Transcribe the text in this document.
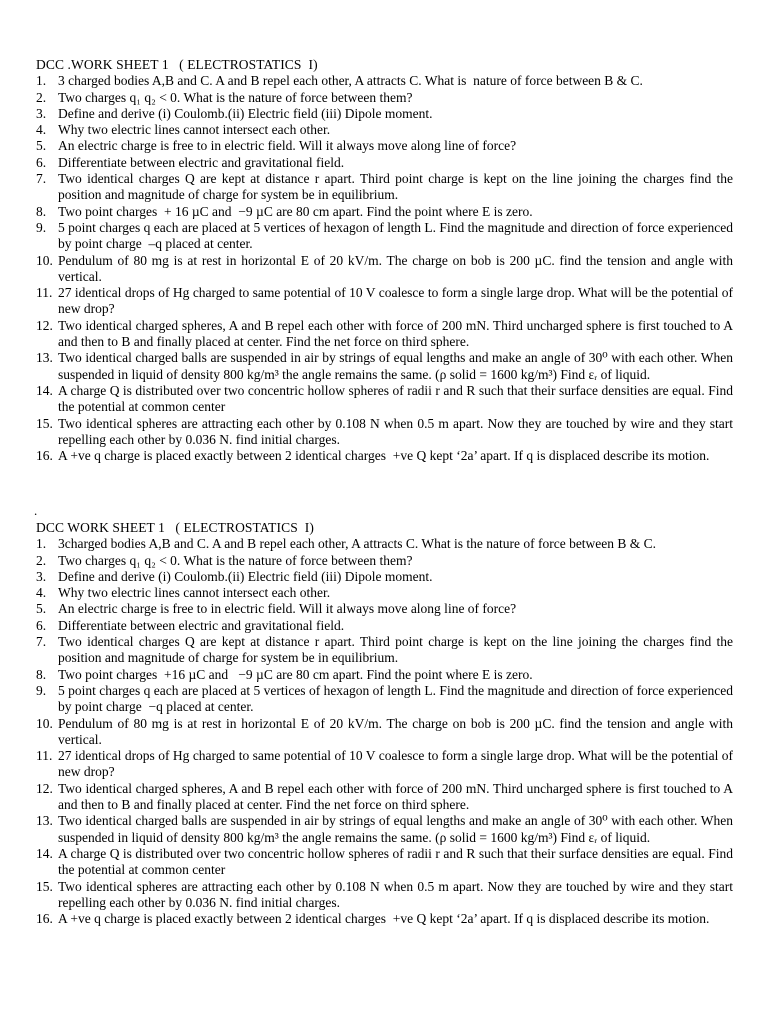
DCC .WORK SHEET 1   ( ELECTROSTATICS  I)
1. 3 charged bodies A,B and C. A and B repel each other, A attracts C. What is  nature of force between B & C.
2. Two charges q₁ q₂ < 0. What is the nature of force between them?
3. Define and derive (i) Coulomb.(ii) Electric field (iii) Dipole moment.
4. Why two electric lines cannot intersect each other.
5. An electric charge is free to in electric field. Will it always move along line of force?
6. Differentiate between electric and gravitational field.
7. Two identical charges Q are kept at distance r apart. Third point charge is kept on the line joining the charges find the position and magnitude of charge for system be in equilibrium.
8. Two point charges  + 16 µC and  −9 µC are 80 cm apart. Find the point where E is zero.
9. 5 point charges q each are placed at 5 vertices of hexagon of length L. Find the magnitude and direction of force experienced by point charge  –q placed at center.
10. Pendulum of 80 mg is at rest in horizontal E of 20 kV/m. The charge on bob is 200 µC. find the tension and angle with vertical.
11. 27 identical drops of Hg charged to same potential of 10 V coalesce to form a single large drop. What will be the potential of new drop?
12. Two identical charged spheres, A and B repel each other with force of 200 mN. Third uncharged sphere is first touched to A and then to B and finally placed at center. Find the net force on third sphere.
13. Two identical charged balls are suspended in air by strings of equal lengths and make an angle of 30⁰ with each other. When suspended in liquid of density 800 kg/m³ the angle remains the same. (ρ solid = 1600 kg/m³) Find εᵣ of liquid.
14. A charge Q is distributed over two concentric hollow spheres of radii r and R such that their surface densities are equal. Find the potential at common center
15. Two identical spheres are attracting each other by 0.108 N when 0.5 m apart. Now they are touched by wire and they start repelling each other by 0.036 N. find initial charges.
16. A +ve q charge is placed exactly between 2 identical charges  +ve Q kept ‘2a’ apart. If q is displaced describe its motion.
.
DCC WORK SHEET 1   ( ELECTROSTATICS  I)
1. 3charged bodies A,B and C. A and B repel each other, A attracts C. What is the nature of force between B & C.
2. Two charges q₁ q₂ < 0. What is the nature of force between them?
3. Define and derive (i) Coulomb.(ii) Electric field (iii) Dipole moment.
4. Why two electric lines cannot intersect each other.
5. An electric charge is free to in electric field. Will it always move along line of force?
6. Differentiate between electric and gravitational field.
7. Two identical charges Q are kept at distance r apart. Third point charge is kept on the line joining the charges find the position and magnitude of charge for system be in equilibrium.
8. Two point charges  +16 µC and   −9 µC are 80 cm apart. Find the point where E is zero.
9. 5 point charges q each are placed at 5 vertices of hexagon of length L. Find the magnitude and direction of force experienced by point charge  −q placed at center.
10. Pendulum of 80 mg is at rest in horizontal E of 20 kV/m. The charge on bob is 200 µC. find the tension and angle with vertical.
11. 27 identical drops of Hg charged to same potential of 10 V coalesce to form a single large drop. What will be the potential of new drop?
12. Two identical charged spheres, A and B repel each other with force of 200 mN. Third uncharged sphere is first touched to A and then to B and finally placed at center. Find the net force on third sphere.
13. Two identical charged balls are suspended in air by strings of equal lengths and make an angle of 30⁰ with each other. When suspended in liquid of density 800 kg/m³ the angle remains the same. (ρ solid = 1600 kg/m³) Find εᵣ of liquid.
14. A charge Q is distributed over two concentric hollow spheres of radii r and R such that their surface densities are equal. Find the potential at common center
15. Two identical spheres are attracting each other by 0.108 N when 0.5 m apart. Now they are touched by wire and they start repelling each other by 0.036 N. find initial charges.
16. A +ve q charge is placed exactly between 2 identical charges  +ve Q kept ‘2a’ apart. If q is displaced describe its motion.
